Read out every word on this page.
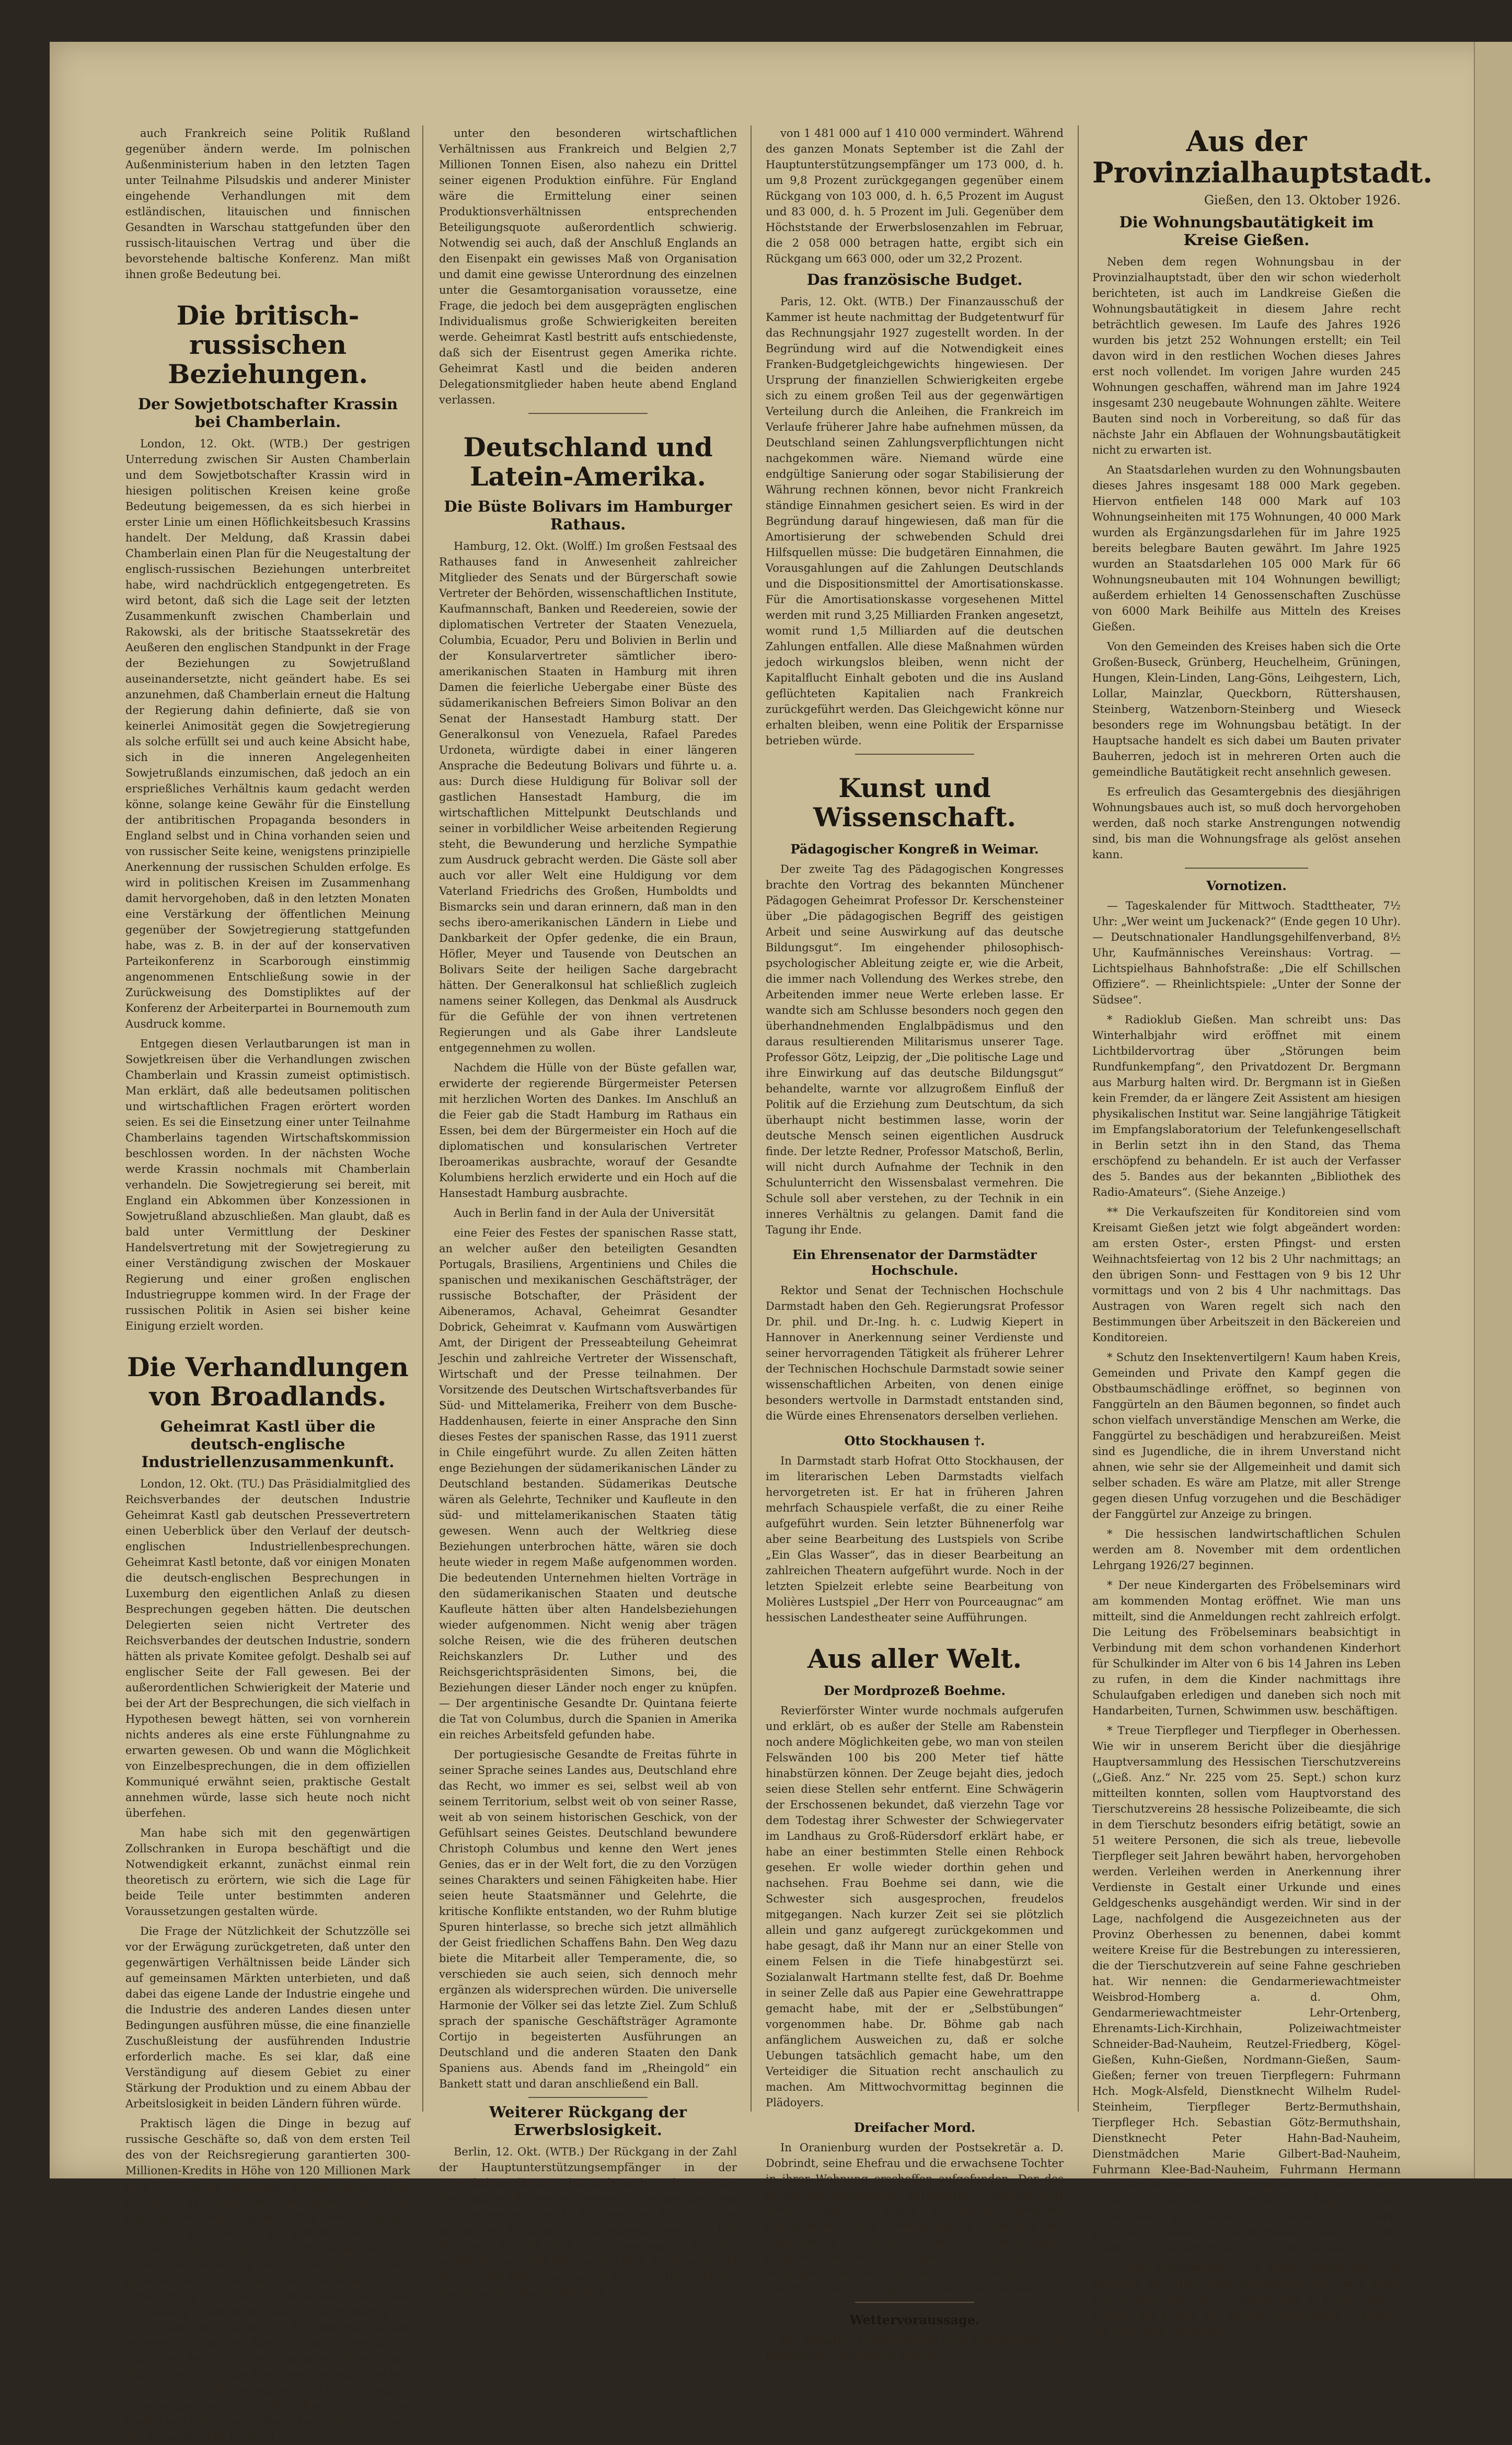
auch Frankreich seine Politik Rußland gegenüber ändern werde. Im polnischen Außenministerium haben in den letzten Tagen unter Teilnahme Pilsudskis und anderer Minister eingehende Verhandlungen mit dem estländischen, litauischen und finnischen Gesandten in Warschau stattgefunden über den russisch-litauischen Vertrag und über die bevorstehende baltische Konferenz. Man mißt ihnen große Bedeutung bei.

Die britisch-russischen Beziehungen.
Der Sowjetbotschafter Krassin bei Chamberlain.

London, 12. Okt. (WTB.) Der gestrigen Unterredung zwischen Sir Austen Chamberlain und dem Sowjetbotschafter Krassin wird in hiesigen politischen Kreisen keine große Bedeutung beigemessen, da es sich hierbei in erster Linie um einen Höflichkeitsbesuch Krassins handelt. Der Meldung, daß Krassin dabei Chamberlain einen Plan für die Neugestaltung der englisch-russischen Beziehungen unterbreitet habe, wird nachdrücklich entgegengetreten. Es wird betont, daß sich die Lage seit der letzten Zusammenkunft zwischen Chamberlain und Rakowski, als der britische Staatssekretär des Aeußeren den englischen Standpunkt in der Frage der Beziehungen zu Sowjetrußland auseinandersetzte, nicht geändert habe. Es sei anzunehmen, daß Chamberlain erneut die Haltung der Regierung dahin definierte, daß sie von keinerlei Animosität gegen die Sowjetregierung als solche erfüllt sei und auch keine Absicht habe, sich in die inneren Angelegenheiten Sowjetrußlands einzumischen, daß jedoch an ein ersprießliches Verhältnis kaum gedacht werden könne, solange keine Gewähr für die Einstellung der antibritischen Propaganda besonders in England selbst und in China vorhanden seien und von russischer Seite keine, wenigstens prinzipielle Anerkennung der russischen Schulden erfolge. Es wird in politischen Kreisen im Zusammenhang damit hervorgehoben, daß in den letzten Monaten eine Verstärkung der öffentlichen Meinung gegenüber der Sowjetregierung stattgefunden habe, was z. B. in der auf der konservativen Parteikonferenz in Scarborough einstimmig angenommenen Entschließung sowie in der Zurückweisung des Domstipliktes auf der Konferenz der Arbeiterpartei in Bournemouth zum Ausdruck komme.

Entgegen diesen Verlautbarungen ist man in Sowjetkreisen über die Verhandlungen zwischen Chamberlain und Krassin zumeist optimistisch. Man erklärt, daß alle bedeutsamen politischen und wirtschaftlichen Fragen erörtert worden seien. Es sei die Einsetzung einer unter Teilnahme Chamberlains tagenden Wirtschaftskommission beschlossen worden. In der nächsten Woche werde Krassin nochmals mit Chamberlain verhandeln. Die Sowjetregierung sei bereit, mit England ein Abkommen über Konzessionen in Sowjetrußland abzuschließen. Man glaubt, daß es bald unter Vermittlung der Deskiner Handelsvertretung mit der Sowjetregierung zu einer Verständigung zwischen der Moskauer Regierung und einer großen englischen Industriegruppe kommen wird. In der Frage der russischen Politik in Asien sei bisher keine Einigung erzielt worden.

Die Verhandlungen von Broadlands.
Geheimrat Kastl über die deutsch-englische Industriellenzusammenkunft.

London, 12. Okt. (TU.) Das Präsidialmitglied des Reichsverbandes der deutschen Industrie Geheimrat Kastl gab deutschen Pressevertretern einen Ueberblick über den Verlauf der deutsch-englischen Industriellenbesprechungen. Geheimrat Kastl betonte, daß vor einigen Monaten die deutsch-englischen Besprechungen in Luxemburg den eigentlichen Anlaß zu diesen Besprechungen gegeben hätten. Die deutschen Delegierten seien nicht Vertreter des Reichsverbandes der deutschen Industrie, sondern hätten als private Komitee gefolgt. Deshalb sei auf englischer Seite der Fall gewesen. Bei der außerordentlichen Schwierigkeit der Materie und bei der Art der Besprechungen, die sich vielfach in Hypothesen bewegt hätten, sei von vornherein nichts anderes als eine erste Fühlungnahme zu erwarten gewesen. Ob und wann die Möglichkeit von Einzelbesprechungen, die in dem offiziellen Kommuniqué erwähnt seien, praktische Gestalt annehmen würde, lasse sich heute noch nicht überfehen.

Man habe sich mit den gegenwärtigen Zollschranken in Europa beschäftigt und die Notwendigkeit erkannt, zunächst einmal rein theoretisch zu erörtern, wie sich die Lage für beide Teile unter bestimmten anderen Voraussetzungen gestalten würde.

Die Frage der Nützlichkeit der Schutzzölle sei vor der Erwägung zurückgetreten, daß unter den gegenwärtigen Verhältnissen beide Länder sich auf gemeinsamen Märkten unterbieten, und daß dabei das eigene Lande der Industrie eingehe und die Industrie des anderen Landes diesen unter Bedingungen ausführen müsse, die eine finanzielle Zuschußleistung der ausführenden Industrie erforderlich mache. Es sei klar, daß eine Verständigung auf diesem Gebiet zu einer Stärkung der Produktion und zu einem Abbau der Arbeitslosigkeit in beiden Ländern führen würde.

Praktisch lägen die Dinge in bezug auf russische Geschäfte so, daß von dem ersten Teil des von der Reichsregierung garantierten 300-Millionen-Kredits in Höhe von 120 Millionen Mark erst 70 Millionen verausgabt worden seien, so daß bis zum 31. Dezember des Jahres noch ein ansehnlicher Rest verbleibe. Der zweite Teil des Kredits in Höhe von 90 bis 100 Millionen Mark, der von einem ausländischen Bankenkonsortium unter Teilnahme großer deutscher Banken gegeben werde, sei mehr als ausreichend. Eine Erweiterung des Kredits komme daher nach der Auffassung Geheimrat Kastls ebensowenig in Frage, wie eine Ausdehnung des anderen Teils der Anleihe. Mit anderen Kombinationen seien falsch. Was den Anschluß der englischen Eisen- und Stahlindustrie an die kontinentalen europäischen Stahltrust betreffe, so würden sich hier besondere Schwierigkeiten aus der Konstruktion der englischen Industrie ergeben, besonders auch aus der Tatsache, daß England

unter den besonderen wirtschaftlichen Verhältnissen aus Frankreich und Belgien 2,7 Millionen Tonnen Eisen, also nahezu ein Drittel seiner eigenen Produktion einführe. Für England wäre die Ermittelung einer seinen Produktionsverhältnissen entsprechenden Beteiligungsquote außerordentlich schwierig. Notwendig sei auch, daß der Anschluß Englands an den Eisenpakt ein gewisses Maß von Organisation und damit eine gewisse Unterordnung des einzelnen unter die Gesamtorganisation voraussetze, eine Frage, die jedoch bei dem ausgeprägten englischen Individualismus große Schwierigkeiten bereiten werde. Geheimrat Kastl bestritt aufs entschiedenste, daß sich der Eisentrust gegen Amerika richte. Geheimrat Kastl und die beiden anderen Delegationsmitglieder haben heute abend England verlassen.

Deutschland und Latein-Amerika.
Die Büste Bolivars im Hamburger Rathaus.

Hamburg, 12. Okt. (Wolff.) Im großen Festsaal des Rathauses fand in Anwesenheit zahlreicher Mitglieder des Senats und der Bürgerschaft sowie Vertreter der Behörden, wissenschaftlichen Institute, Kaufmannschaft, Banken und Reedereien, sowie der diplomatischen Vertreter der Staaten Venezuela, Columbia, Ecuador, Peru und Bolivien in Berlin und der Konsularvertreter sämtlicher ibero-amerikanischen Staaten in Hamburg mit ihren Damen die feierliche Uebergabe einer Büste des südamerikanischen Befreiers Simon Bolivar an den Senat der Hansestadt Hamburg statt. Der Generalkonsul von Venezuela, Rafael Paredes Urdoneta, würdigte dabei in einer längeren Ansprache die Bedeutung Bolivars und führte u. a. aus: Durch diese Huldigung für Bolivar soll der gastlichen Hansestadt Hamburg, die im wirtschaftlichen Mittelpunkt Deutschlands und seiner in vorbildlicher Weise arbeitenden Regierung steht, die Bewunderung und herzliche Sympathie zum Ausdruck gebracht werden. Die Gäste soll aber auch vor aller Welt eine Huldigung vor dem Vaterland Friedrichs des Großen, Humboldts und Bismarcks sein und daran erinnern, daß man in den sechs ibero-amerikanischen Ländern in Liebe und Dankbarkeit der Opfer gedenke, die ein Braun, Höfler, Meyer und Tausende von Deutschen an Bolivars Seite der heiligen Sache dargebracht hätten. Der Generalkonsul hat schließlich zugleich namens seiner Kollegen, das Denkmal als Ausdruck für die Gefühle der von ihnen vertretenen Regierungen und als Gabe ihrer Landsleute entgegennehmen zu wollen.

Nachdem die Hülle von der Büste gefallen war, erwiderte der regierende Bürgermeister Petersen mit herzlichen Worten des Dankes. Im Anschluß an die Feier gab die Stadt Hamburg im Rathaus ein Essen, bei dem der Bürgermeister ein Hoch auf die diplomatischen und konsularischen Vertreter Iberoamerikas ausbrachte, worauf der Gesandte Kolumbiens herzlich erwiderte und ein Hoch auf die Hansestadt Hamburg ausbrachte.

Auch in Berlin fand in der Aula der Universität

eine Feier des Festes der spanischen Rasse statt, an welcher außer den beteiligten Gesandten Portugals, Brasiliens, Argentiniens und Chiles die spanischen und mexikanischen Geschäftsträger, der russische Botschafter, der Präsident der Aibeneramos, Achaval, Geheimrat Gesandter Dobrick, Geheimrat v. Kaufmann vom Auswärtigen Amt, der Dirigent der Presseabteilung Geheimrat Jeschin und zahlreiche Vertreter der Wissenschaft, Wirtschaft und der Presse teilnahmen. Der Vorsitzende des Deutschen Wirtschaftsverbandes für Süd- und Mittelamerika, Freiherr von dem Busche-Haddenhausen, feierte in einer Ansprache den Sinn dieses Festes der spanischen Rasse, das 1911 zuerst in Chile eingeführt wurde. Zu allen Zeiten hätten enge Beziehungen der südamerikanischen Länder zu Deutschland bestanden. Südamerikas Deutsche wären als Gelehrte, Techniker und Kaufleute in den süd- und mittelamerikanischen Staaten tätig gewesen. Wenn auch der Weltkrieg diese Beziehungen unterbrochen hätte, wären sie doch heute wieder in regem Maße aufgenommen worden. Die bedeutenden Unternehmen hielten Vorträge in den südamerikanischen Staaten und deutsche Kaufleute hätten über alten Handelsbeziehungen wieder aufgenommen. Nicht wenig aber trägen solche Reisen, wie die des früheren deutschen Reichskanzlers Dr. Luther und des Reichsgerichtspräsidenten Simons, bei, die Beziehungen dieser Länder noch enger zu knüpfen. — Der argentinische Gesandte Dr. Quintana feierte die Tat von Columbus, durch die Spanien in Amerika ein reiches Arbeitsfeld gefunden habe.

Der portugiesische Gesandte de Freitas führte in seiner Sprache seines Landes aus, Deutschland ehre das Recht, wo immer es sei, selbst weil ab von seinem Territorium, selbst weit ob von seiner Rasse, weit ab von seinem historischen Geschick, von der Gefühlsart seines Geistes. Deutschland bewundere Christoph Columbus und kenne den Wert jenes Genies, das er in der Welt fort, die zu den Vorzügen seines Charakters und seinen Fähigkeiten habe. Hier seien heute Staatsmänner und Gelehrte, die kritische Konflikte entstanden, wo der Ruhm blutige Spuren hinterlasse, so breche sich jetzt allmählich der Geist friedlichen Schaffens Bahn. Den Weg dazu biete die Mitarbeit aller Temperamente, die, so verschieden sie auch seien, sich dennoch mehr ergänzen als widersprechen würden. Die universelle Harmonie der Völker sei das letzte Ziel. Zum Schluß sprach der spanische Geschäftsträger Agramonte Cortijo in begeisterten Ausführungen an Deutschland und die anderen Staaten den Dank Spaniens aus. Abends fand im „Rheingold“ ein Bankett statt und daran anschließend ein Ball.

Weiterer Rückgang der Erwerbslosigkeit.

Berlin, 12. Okt. (WTB.) Der Rückgang in der Zahl der Hauptunterstützungsempfänger in der Erwerbslosenfürsorge hat sich auch in der zweiten Septemberhälfte weiter fortgesetzt. In der Zeit vom 15. September bis 1. Oktober ist die Zahl der männlichen Hauptunterstützungsempfänger von 194 000 auf 1 128 000 zurückgegangen, die der weiblichen von 289 000 auf 267 000, die Gesamtzahl also um 88 000, oder um 5,9 Prozent. Die Zahl der Zuschlagsempfänger hat sich

von 1 481 000 auf 1 410 000 vermindert. Während des ganzen Monats September ist die Zahl der Hauptunterstützungsempfänger um 173 000, d. h. um 9,8 Prozent zurückgegangen gegenüber einem Rückgang von 103 000, d. h. 6,5 Prozent im August und 83 000, d. h. 5 Prozent im Juli. Gegenüber dem Höchststande der Erwerbslosenzahlen im Februar, die 2 058 000 betragen hatte, ergibt sich ein Rückgang um 663 000, oder um 32,2 Prozent.

Das französische Budget.

Paris, 12. Okt. (WTB.) Der Finanzausschuß der Kammer ist heute nachmittag der Budgetentwurf für das Rechnungsjahr 1927 zugestellt worden. In der Begründung wird auf die Notwendigkeit eines Franken-Budgetgleichgewichts hingewiesen. Der Ursprung der finanziellen Schwierigkeiten ergebe sich zu einem großen Teil aus der gegenwärtigen Verteilung durch die Anleihen, die Frankreich im Verlaufe früherer Jahre habe aufnehmen müssen, da Deutschland seinen Zahlungsverpflichtungen nicht nachgekommen wäre. Niemand würde eine endgültige Sanierung oder sogar Stabilisierung der Währung rechnen können, bevor nicht Frankreich ständige Einnahmen gesichert seien. Es wird in der Begründung darauf hingewiesen, daß man für die Amortisierung der schwebenden Schuld drei Hilfsquellen müsse: Die budgetären Einnahmen, die Vorausgahlungen auf die Zahlungen Deutschlands und die Dispositionsmittel der Amortisationskasse. Für die Amortisationskasse vorgesehenen Mittel werden mit rund 3,25 Milliarden Franken angesetzt, womit rund 1,5 Milliarden auf die deutschen Zahlungen entfallen. Alle diese Maßnahmen würden jedoch wirkungslos bleiben, wenn nicht der Kapitalflucht Einhalt geboten und die ins Ausland geflüchteten Kapitalien nach Frankreich zurückgeführt werden. Das Gleichgewicht könne nur erhalten bleiben, wenn eine Politik der Ersparnisse betrieben würde.

Kunst und Wissenschaft.
Pädagogischer Kongreß in Weimar.

Der zweite Tag des Pädagogischen Kongresses brachte den Vortrag des bekannten Münchener Pädagogen Geheimrat Professor Dr. Kerschensteiner über „Die pädagogischen Begriff des geistigen Arbeit und seine Auswirkung auf das deutsche Bildungsgut“. Im eingehender philosophisch-psychologischer Ableitung zeigte er, wie die Arbeit, die immer nach Vollendung des Werkes strebe, den Arbeitenden immer neue Werte erleben lasse. Er wandte sich am Schlusse besonders noch gegen den überhandnehmenden Englalbpädismus und den daraus resultierenden Militarismus unserer Tage. Professor Götz, Leipzig, der „Die politische Lage und ihre Einwirkung auf das deutsche Bildungsgut“ behandelte, warnte vor allzugroßem Einfluß der Politik auf die Erziehung zum Deutschtum, da sich überhaupt nicht bestimmen lasse, worin der deutsche Mensch seinen eigentlichen Ausdruck finde. Der letzte Redner, Professor Matschoß, Berlin, will nicht durch Aufnahme der Technik in den Schulunterricht den Wissensbalast vermehren. Die Schule soll aber verstehen, zu der Technik in ein inneres Verhältnis zu gelangen. Damit fand die Tagung ihr Ende.

Ein Ehrensenator der Darmstädter Hochschule.

Rektor und Senat der Technischen Hochschule Darmstadt haben den Geh. Regierungsrat Professor Dr. phil. und Dr.-Ing. h. c. Ludwig Kiepert in Hannover in Anerkennung seiner Verdienste und seiner hervorragenden Tätigkeit als früherer Lehrer der Technischen Hochschule Darmstadt sowie seiner wissenschaftlichen Arbeiten, von denen einige besonders wertvolle in Darmstadt entstanden sind, die Würde eines Ehrensenators derselben verliehen.

Otto Stockhausen †.

In Darmstadt starb Hofrat Otto Stockhausen, der im literarischen Leben Darmstadts vielfach hervorgetreten ist. Er hat in früheren Jahren mehrfach Schauspiele verfaßt, die zu einer Reihe aufgeführt wurden. Sein letzter Bühnenerfolg war aber seine Bearbeitung des Lustspiels von Scribe „Ein Glas Wasser“, das in dieser Bearbeitung an zahlreichen Theatern aufgeführt wurde. Noch in der letzten Spielzeit erlebte seine Bearbeitung von Molières Lustspiel „Der Herr von Pourceaugnac“ am hessischen Landestheater seine Aufführungen.

Aus aller Welt.
Der Mordprozeß Boehme.

Revierförster Winter wurde nochmals aufgerufen und erklärt, ob es außer der Stelle am Rabenstein noch andere Möglichkeiten gebe, wo man von steilen Felswänden 100 bis 200 Meter tief hätte hinabstürzen können. Der Zeuge bejaht dies, jedoch seien diese Stellen sehr entfernt. Eine Schwägerin der Erschossenen bekundet, daß vierzehn Tage vor dem Todestag ihrer Schwester der Schwiegervater im Landhaus zu Groß-Rüdersdorf erklärt habe, er habe an einer bestimmten Stelle einen Rehbock gesehen. Er wolle wieder dorthin gehen und nachsehen. Frau Boehme sei dann, wie die Schwester sich ausgesprochen, freudelos mitgegangen. Nach kurzer Zeit sei sie plötzlich allein und ganz aufgeregt zurückgekommen und habe gesagt, daß ihr Mann nur an einer Stelle von einem Felsen in die Tiefe hinabgestürzt sei. Sozialanwalt Hartmann stellte fest, daß Dr. Boehme in seiner Zelle daß aus Papier eine Gewehrattrappe gemacht habe, mit der er „Selbstübungen“ vorgenommen habe. Dr. Böhme gab nach anfänglichem Ausweichen zu, daß er solche Uebungen tatsächlich gemacht habe, um den Verteidiger die Situation recht anschaulich zu machen. Am Mittwochvormittag beginnen die Plädoyers.

Dreifacher Mord.

In Oranienburg wurden der Postsekretär a. D. Dobrindt, seine Ehefrau und die erwachsene Tochter in ihrer Wohnung erschoffen aufgefunden. Der des dreifachen Raubmordes verdächtige 22jährige Karl Ernst Müller ist durch die sofort alarmierte Gendarmerie nach Dreispolzig in Teerofen bei Nassenheide durch den Oberlandjäger festgenommen worden. Er gab an, daß er den Mord begangen habe, weil die Eheleute ihn wegen seiner Rauch aus der Fürsorgeanstalt anzeigen wollten.

Wettervoraussage.

Bei lebhafter Luftbewegung noch unbeständig mit Regenfällen, allmählich kühler.

Aus der Provinzialhauptstadt.
Gießen, den 13. Oktober 1926.
Die Wohnungsbautätigkeit im Kreise Gießen.

Neben dem regen Wohnungsbau in der Provinzialhauptstadt, über den wir schon wiederholt berichteten, ist auch im Landkreise Gießen die Wohnungsbautätigkeit in diesem Jahre recht beträchtlich gewesen. Im Laufe des Jahres 1926 wurden bis jetzt 252 Wohnungen erstellt; ein Teil davon wird in den restlichen Wochen dieses Jahres erst noch vollendet. Im vorigen Jahre wurden 245 Wohnungen geschaffen, während man im Jahre 1924 insgesamt 230 neugebaute Wohnungen zählte. Weitere Bauten sind noch in Vorbereitung, so daß für das nächste Jahr ein Abflauen der Wohnungsbautätigkeit nicht zu erwarten ist.

An Staatsdarlehen wurden zu den Wohnungsbauten dieses Jahres insgesamt 188 000 Mark gegeben. Hiervon entfielen 148 000 Mark auf 103 Wohnungseinheiten mit 175 Wohnungen, 40 000 Mark wurden als Ergänzungsdarlehen für im Jahre 1925 bereits belegbare Bauten gewährt. Im Jahre 1925 wurden an Staatsdarlehen 105 000 Mark für 66 Wohnungsneubauten mit 104 Wohnungen bewilligt; außerdem erhielten 14 Genossenschaften Zuschüsse von 6000 Mark Beihilfe aus Mitteln des Kreises Gießen.

Von den Gemeinden des Kreises haben sich die Orte Großen-Buseck, Grünberg, Heuchelheim, Grüningen, Hungen, Klein-Linden, Lang-Göns, Leihgestern, Lich, Lollar, Mainzlar, Queckborn, Rüttershausen, Steinberg, Watzenborn-Steinberg und Wieseck besonders rege im Wohnungsbau betätigt. In der Hauptsache handelt es sich dabei um Bauten privater Bauherren, jedoch ist in mehreren Orten auch die gemeindliche Bautätigkeit recht ansehnlich gewesen.

Es erfreulich das Gesamtergebnis des diesjährigen Wohnungsbaues auch ist, so muß doch hervorgehoben werden, daß noch starke Anstrengungen notwendig sind, bis man die Wohnungsfrage als gelöst ansehen kann.

Vornotizen.

— Tageskalender für Mittwoch. Stadttheater, 7½ Uhr: „Wer weint um Juckenack?“ (Ende gegen 10 Uhr). — Deutschnationaler Handlungsgehilfenverband, 8½ Uhr, Kaufmännisches Vereinshaus: Vortrag. — Lichtspielhaus Bahnhofstraße: „Die elf Schillschen Offiziere“. — Rheinlichtspiele: „Unter der Sonne der Südsee“.

* Radioklub Gießen. Man schreibt uns: Das Winterhalbjahr wird eröffnet mit einem Lichtbildervortrag über „Störungen beim Rundfunkempfang“, den Privatdozent Dr. Bergmann aus Marburg halten wird. Dr. Bergmann ist in Gießen kein Fremder, da er längere Zeit Assistent am hiesigen physikalischen Institut war. Seine langjährige Tätigkeit im Empfangslaboratorium der Telefunkengesellschaft in Berlin setzt ihn in den Stand, das Thema erschöpfend zu behandeln. Er ist auch der Verfasser des 5. Bandes aus der bekannten „Bibliothek des Radio-Amateurs“. (Siehe Anzeige.)

** Die Verkaufszeiten für Konditoreien sind vom Kreisamt Gießen jetzt wie folgt abgeändert worden: am ersten Oster-, ersten Pfingst- und ersten Weihnachtsfeiertag von 12 bis 2 Uhr nachmittags; an den übrigen Sonn- und Festtagen von 9 bis 12 Uhr vormittags und von 2 bis 4 Uhr nachmittags. Das Austragen von Waren regelt sich nach den Bestimmungen über Arbeitszeit in den Bäckereien und Konditoreien.

* Schutz den Insektenvertilgern! Kaum haben Kreis, Gemeinden und Private den Kampf gegen die Obstbaumschädlinge eröffnet, so beginnen von Fanggürteln an den Bäumen begonnen, so findet auch schon vielfach unverständige Menschen am Werke, die Fanggürtel zu beschädigen und herabzureißen. Meist sind es Jugendliche, die in ihrem Unverstand nicht ahnen, wie sehr sie der Allgemeinheit und damit sich selber schaden. Es wäre am Platze, mit aller Strenge gegen diesen Unfug vorzugehen und die Beschädiger der Fanggürtel zur Anzeige zu bringen.

* Die hessischen landwirtschaftlichen Schulen werden am 8. November mit dem ordentlichen Lehrgang 1926/27 beginnen.

* Der neue Kindergarten des Fröbelseminars wird am kommenden Montag eröffnet. Wie man uns mitteilt, sind die Anmeldungen recht zahlreich erfolgt. Die Leitung des Fröbelseminars beabsichtigt in Verbindung mit dem schon vorhandenen Kinderhort für Schulkinder im Alter von 6 bis 14 Jahren ins Leben zu rufen, in dem die Kinder nachmittags ihre Schulaufgaben erledigen und daneben sich noch mit Handarbeiten, Turnen, Schwimmen usw. beschäftigen.

* Treue Tierpfleger und Tierpfleger in Oberhessen. Wie wir in unserem Bericht über die diesjährige Hauptversammlung des Hessischen Tierschutzvereins („Gieß. Anz.“ Nr. 225 vom 25. Sept.) schon kurz mitteilten konnten, sollen vom Hauptvorstand des Tierschutzvereins 28 hessische Polizeibeamte, die sich in dem Tierschutz besonders eifrig betätigt, sowie an 51 weitere Personen, die sich als treue, liebevolle Tierpfleger seit Jahren bewährt haben, hervorgehoben werden. Verleihen werden in Anerkennung ihrer Verdienste in Gestalt einer Urkunde und eines Geldgeschenks ausgehändigt werden. Wir sind in der Lage, nachfolgend die Ausgezeichneten aus der Provinz Oberhessen zu benennen, dabei kommt weitere Kreise für die Bestrebungen zu interessieren, die der Tierschutzverein auf seine Fahne geschrieben hat. Wir nennen: die Gendarmeriewachtmeister Weisbrod-Homberg a. d. Ohm, Gendarmeriewachtmeister Lehr-Ortenberg, Ehrenamts-Lich-Kirchhain, Polizeiwachtmeister Schneider-Bad-Nauheim, Reutzel-Friedberg, Kögel-Gießen, Kuhn-Gießen, Nordmann-Gießen, Saum-Gießen; ferner von treuen Tierpflegern: Fuhrmann Hch. Mogk-Alsfeld, Dienstknecht Wilhelm Rudel-Steinheim, Tierpfleger Bertz-Bermuthshain, Tierpfleger Hch. Sebastian Götz-Bermuthshain, Dienstknecht Peter Hahn-Bad-Nauheim, Dienstmädchen Marie Gilbert-Bad-Nauheim, Fuhrmann Klee-Bad-Nauheim, Fuhrmann Hermann Mahr-Bad-Nauheim, Dienstknecht H. Weinsheimer-Gedern, Dienstknecht Heinrich Nepp-Schotten, Dienstknecht Joh. Becker IX.-Schotten; Dienstknecht Joh. Köhl-Rudlos, Schweinemeister Konrad Köhl-Rudlos, Jahrmacher Peter Schnitt-Windhausen.

** Neue Schlafwagen 1.—3. Klasse. Bisher liefen im Bereiche der Deutschen Reichsbahn nur zwei Arten von Schlafwagen: mit 1. Klasse und 2. Klasse und 3. Klasse; die Klasse ein Anzahl Liegewagen 3. Klasse, die sich beim reisenden
